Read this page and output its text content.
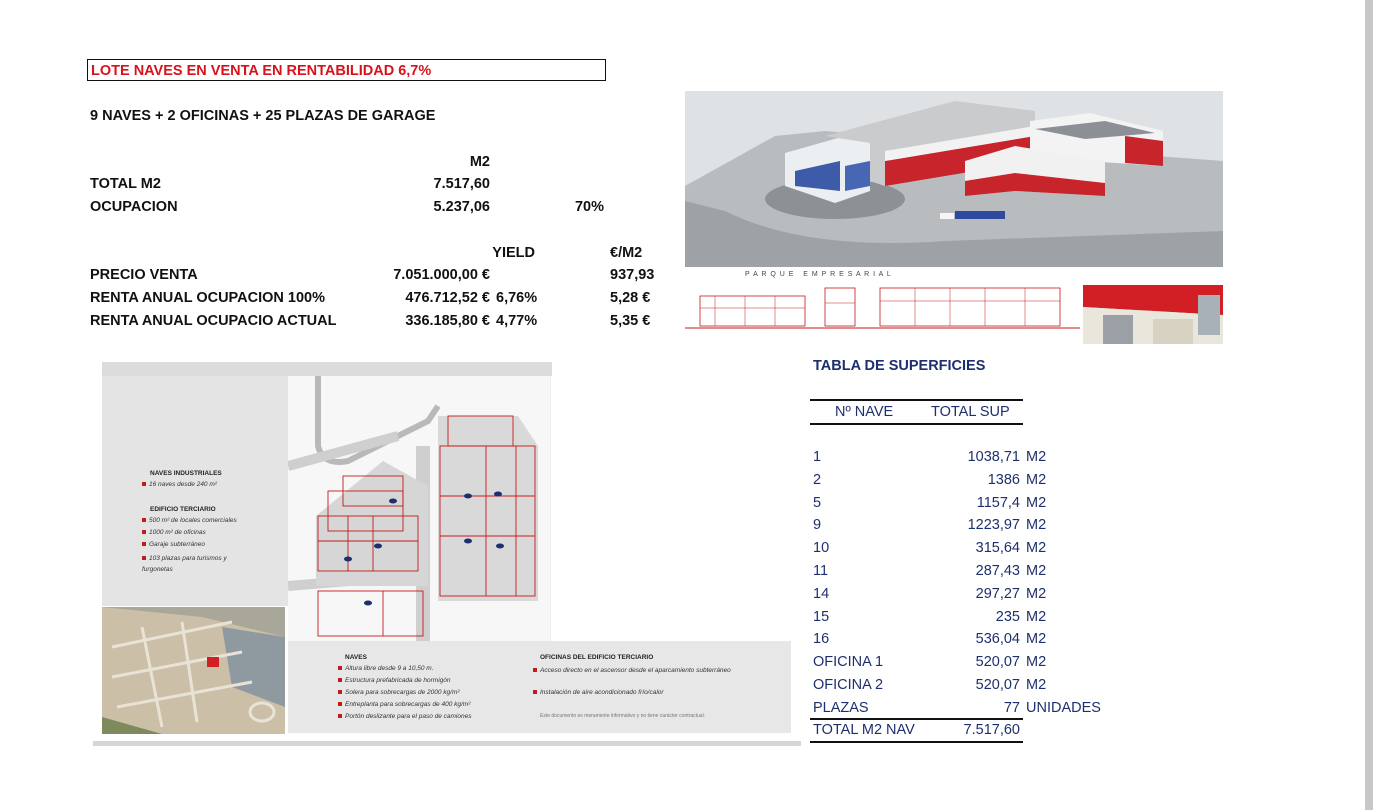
LOTE NAVES EN VENTA EN RENTABILIDAD 6,7%
9 NAVES + 2 OFICINAS + 25 PLAZAS DE GARAGE
M2
TOTAL M2	7.517,60
OCUPACION	5.237,06	70%
YIELD	€/M2
PRECIO VENTA	7.051.000,00 €	937,93
RENTA ANUAL OCUPACION 100%	476.712,52 € 6,76%	5,28 €
RENTA ANUAL OCUPACIO ACTUAL	336.185,80 € 4,77%	5,35 €
P A R Q U E   E M P R E S A R I A L
NAVES INDUSTRIALES
16 naves desde 240 m²
EDIFICIO TERCIARIO
500 m² de locales comerciales
1000 m² de oficinas
Garaje subterráneo
103 plazas para turismos y furgonetas
NAVES
Altura libre desde 9 a 10,50 m.
Estructura prefabricada de hormigón
Solera para sobrecargas de 2000 kg/m²
Entreplanta para sobrecargas de 400 kg/m²
Portón deslizante para el paso de camiones
OFICINAS DEL EDIFICIO TERCIARIO
Acceso directo en el ascensor desde el aparcamiento subterráneo
Instalación de aire acondicionado frío/calor
Este documento es meramente informativo y no tiene carácter contractual.
TABLA DE SUPERFICIES
Nº NAVE	TOTAL SUP
1	1038,71 M2
2	1386 M2
5	1157,4 M2
9	1223,97 M2
10	315,64 M2
11	287,43 M2
14	297,27 M2
15	235 M2
16	536,04 M2
OFICINA 1	520,07 M2
OFICINA 2	520,07 M2
PLAZAS	77 UNIDADES
TOTAL M2 NAV	7.517,60
